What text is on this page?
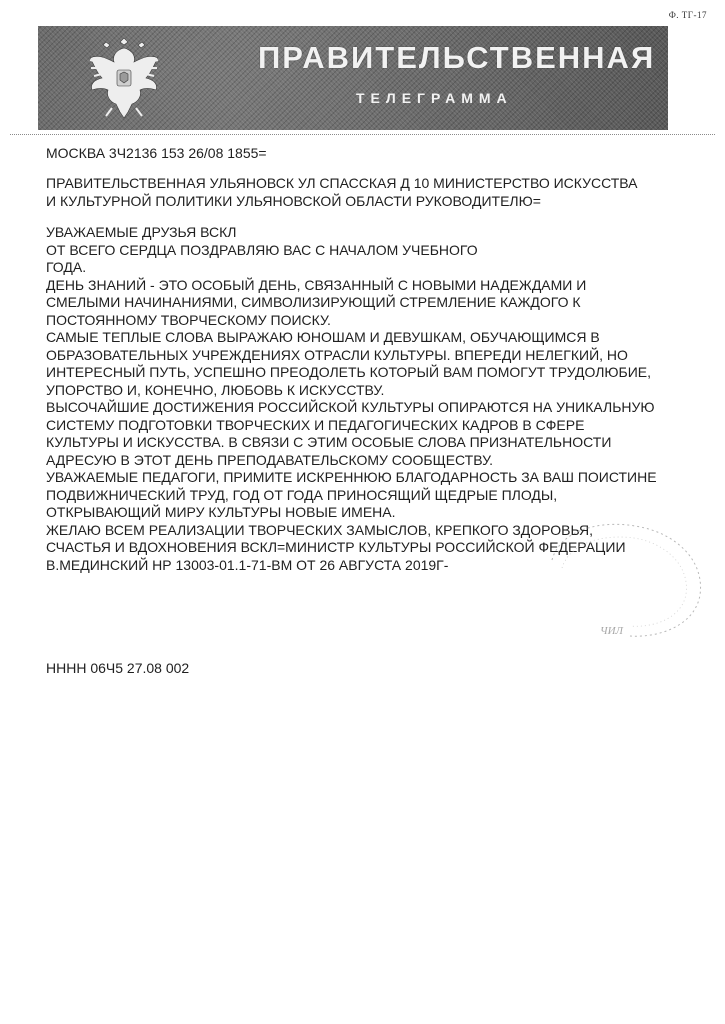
Ф. ТГ-17
ПРАВИТЕЛЬСТВЕННАЯ
ТЕЛЕГРАММА

МОСКВА 3Ч2136 153 26/08 1855=

ПРАВИТЕЛЬСТВЕННАЯ УЛЬЯНОВСК УЛ СПАССКАЯ Д 10 МИНИСТЕРСТВО ИСКУССТВА

И КУЛЬТУРНОЙ ПОЛИТИКИ УЛЬЯНОВСКОЙ ОБЛАСТИ РУКОВОДИТЕЛЮ=

УВАЖАЕМЫЕ ДРУЗЬЯ ВСКЛ

ОТ ВСЕГО СЕРДЦА ПОЗДРАВЛЯЮ ВАС С НАЧАЛОМ УЧЕБНОГО

ГОДА.

ДЕНЬ ЗНАНИЙ - ЭТО ОСОБЫЙ ДЕНЬ, СВЯЗАННЫЙ С НОВЫМИ НАДЕЖДАМИ И

СМЕЛЫМИ НАЧИНАНИЯМИ, СИМВОЛИЗИРУЮЩИЙ СТРЕМЛЕНИЕ КАЖДОГО К

ПОСТОЯННОМУ ТВОРЧЕСКОМУ ПОИСКУ.

САМЫЕ ТЕПЛЫЕ СЛОВА ВЫРАЖАЮ ЮНОШАМ И ДЕВУШКАМ, ОБУЧАЮЩИМСЯ В

ОБРАЗОВАТЕЛЬНЫХ УЧРЕЖДЕНИЯХ ОТРАСЛИ КУЛЬТУРЫ. ВПЕРЕДИ НЕЛЕГКИЙ, НО

ИНТЕРЕСНЫЙ ПУТЬ, УСПЕШНО ПРЕОДОЛЕТЬ КОТОРЫЙ ВАМ ПОМОГУТ ТРУДОЛЮБИЕ,

УПОРСТВО И, КОНЕЧНО, ЛЮБОВЬ К ИСКУССТВУ.

ВЫСОЧАЙШИЕ ДОСТИЖЕНИЯ РОССИЙСКОЙ КУЛЬТУРЫ ОПИРАЮТСЯ НА УНИКАЛЬНУЮ

СИСТЕМУ ПОДГОТОВКИ ТВОРЧЕСКИХ И ПЕДАГОГИЧЕСКИХ КАДРОВ В СФЕРЕ

КУЛЬТУРЫ И ИСКУССТВА. В СВЯЗИ С ЭТИМ ОСОБЫЕ СЛОВА ПРИЗНАТЕЛЬНОСТИ

АДРЕСУЮ В ЭТОТ ДЕНЬ ПРЕПОДАВАТЕЛЬСКОМУ СООБЩЕСТВУ.

УВАЖАЕМЫЕ ПЕДАГОГИ, ПРИМИТЕ ИСКРЕННЮЮ БЛАГОДАРНОСТЬ ЗА ВАШ ПОИСТИНЕ

ПОДВИЖНИЧЕСКИЙ ТРУД, ГОД ОТ ГОДА ПРИНОСЯЩИЙ ЩЕДРЫЕ ПЛОДЫ,

ОТКРЫВАЮЩИЙ МИРУ КУЛЬТУРЫ НОВЫЕ ИМЕНА.

ЖЕЛАЮ ВСЕМ РЕАЛИЗАЦИИ ТВОРЧЕСКИХ ЗАМЫСЛОВ, КРЕПКОГО ЗДОРОВЬЯ,

СЧАСТЬЯ И ВДОХНОВЕНИЯ ВСКЛ=МИНИСТР КУЛЬТУРЫ РОССИЙСКОЙ ФЕДЕРАЦИИ

В.МЕДИНСКИЙ НР 13003-01.1-71-ВМ ОТ 26 АВГУСТА 2019Г-

ЧИЛ

НННН 06Ч5 27.08 002
